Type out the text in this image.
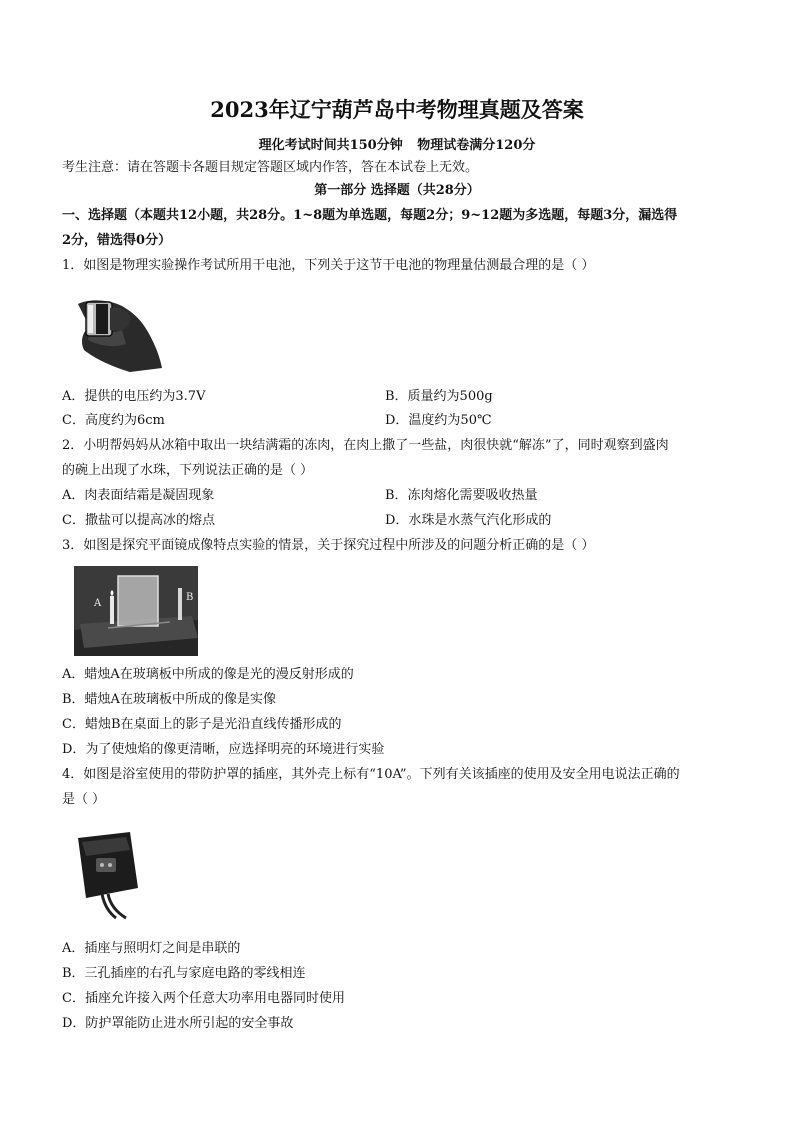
2023年辽宁葫芦岛中考物理真题及答案
理化考试时间共150分钟 物理试卷满分120分
考生注意：请在答题卡各题目规定答题区域内作答，答在本试卷上无效。
第一部分 选择题（共28分）
一、选择题（本题共12小题，共28分。1~8题为单选题，每题2分；9~12题为多选题，每题3分，漏选得
2分，错选得0分）
1．如图是物理实验操作考试所用干电池，下列关于这节干电池的物理量估测最合理的是（ ）
A．提供的电压约为3.7V	B．质量约为500g
C．高度约为6cm	D．温度约为50℃
2．小明帮妈妈从冰箱中取出一块结满霜的冻肉，在肉上撒了一些盐，肉很快就“解冻”了，同时观察到盛肉
的碗上出现了水珠，下列说法正确的是（ ）
A．肉表面结霜是凝固现象	B．冻肉熔化需要吸收热量
C．撒盐可以提高冰的熔点	D．水珠是水蒸气汽化形成的
3．如图是探究平面镜成像特点实验的情景，关于探究过程中所涉及的问题分析正确的是（ ）
A
B
A．蜡烛A在玻璃板中所成的像是光的漫反射形成的
B．蜡烛A在玻璃板中所成的像是实像
C．蜡烛B在桌面上的影子是光沿直线传播形成的
D．为了使烛焰的像更清晰，应选择明亮的环境进行实验
4．如图是浴室使用的带防护罩的插座，其外壳上标有“10A”。下列有关该插座的使用及安全用电说法正确的
是（ ）
A．插座与照明灯之间是串联的
B．三孔插座的右孔与家庭电路的零线相连
C．插座允许接入两个任意大功率用电器同时使用
D．防护罩能防止进水所引起的安全事故
